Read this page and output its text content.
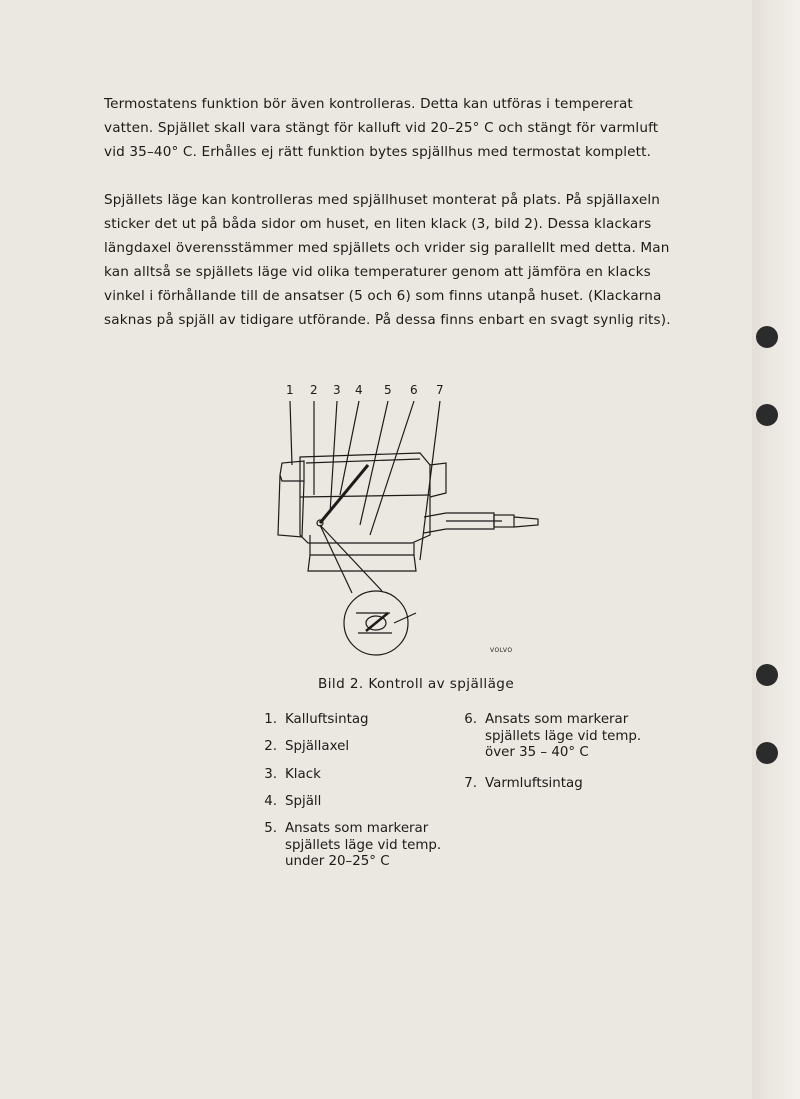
Termostatens funktion bör även kontrolleras. Detta kan utföras i tempererat vatten. Spjället skall vara stängt för kalluft vid 20–25° C och stängt för varmluft vid 35–40° C. Erhålles ej rätt funktion bytes spjällhus med termostat komplett.

Spjällets läge kan kontrolleras med spjällhuset monterat på plats. På spjällaxeln sticker det ut på båda sidor om huset, en liten klack (3, bild 2). Dessa klackars längdaxel överensstämmer med spjällets och vrider sig parallellt med detta. Man kan alltså se spjällets läge vid olika temperaturer genom att jämföra en klacks vinkel i förhållande till de ansatser (5 och 6) som finns utanpå huset. (Klackarna saknas på spjäll av tidigare utförande. På dessa finns enbart en svagt synlig rits).

1 2 3 4 5 6 7
VOLVO
Bild 2. Kontroll av spjälläge
1. Kalluftsintag
2. Spjällaxel
3. Klack
4. Spjäll
5. Ansats som markerar spjällets läge vid temp. under 20–25° C
6. Ansats som markerar spjällets läge vid temp. över 35 – 40° C
7. Varmluftsintag
